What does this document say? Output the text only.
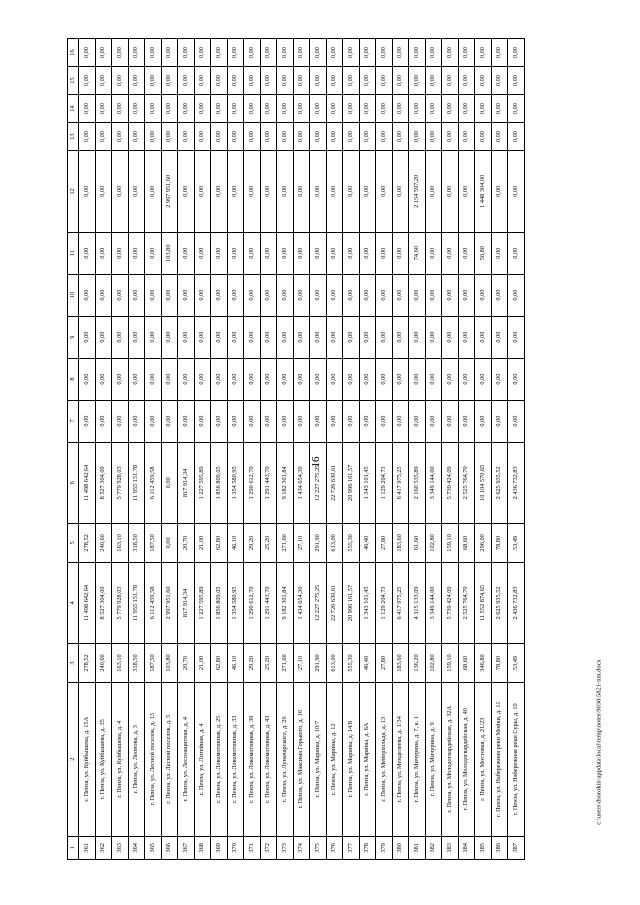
16
1	2	3	4	5	6	7	8	9	10	11	12	13	14	15	16
361	г. Пенза, ул. Куйбышева, д. 15А	278,52	11 498 642,64	278,52	11 498 642,64	0,00	0,00	0,00	0,00	0,00	0,00	0,00	0,00	0,00	0,00
362	г. Пенза, ул. Куйбышева, д. 35	240,60	8 527 304,00	240,60	8 527 304,00	0,00	0,00	0,00	0,00	0,00	0,00	0,00	0,00	0,00	0,00
363	г. Пенза, ул. Куйбышева, д. 4	163,10	5 779 928,03	163,10	5 779 928,03	0,00	0,00	0,00	0,00	0,00	0,00	0,00	0,00	0,00	0,00
364	г. Пенза, ул. Леонова, д. 3	318,50	11 955 151,78	318,50	11 955 151,78	0,00	0,00	0,00	0,00	0,00	0,00	0,00	0,00	0,00	0,00
365	г. Пенза, ул. Лесной поселок, д. 13	187,50	6 112 459,58	187,50	6 112 459,58	0,00	0,00	0,00	0,00	0,00	0,00	0,00	0,00	0,00	0,00
366	г. Пенза, ул. Лесной поселок, д. 5	103,80	2 997 951,60	0,00	0,00	0,00	0,00	0,00	0,00	103,80	2 997 951,60	0,00	0,00	0,00	0,00
367	г. Пенза, ул. Лесозащитная, д. 4	20,70	817 914,34	20,70	817 914,34	0,00	0,00	0,00	0,00	0,00	0,00	0,00	0,00	0,00	0,00
368	г. Пенза, ул. Литейная, д. 4	21,00	1 227 595,89	21,00	1 227 595,89	0,00	0,00	0,00	0,00	0,00	0,00	0,00	0,00	0,00	0,00
369	г. Пенза, ул. Локомотивная, д. 25	62,80	1 856 809,05	62,80	1 856 809,05	0,00	0,00	0,00	0,00	0,00	0,00	0,00	0,00	0,00	0,00
370	г. Пенза, ул. Локомотивная, д. 33	46,10	1 354 580,95	46,10	1 354 580,95	0,00	0,00	0,00	0,00	0,00	0,00	0,00	0,00	0,00	0,00
371	г. Пенза, ул. Локомотивная, д. 39	29,20	1 290 612,70	29,20	1 290 612,70	0,00	0,00	0,00	0,00	0,00	0,00	0,00	0,00	0,00	0,00
372	г. Пенза, ул. Локомотивная, д. 43	25,20	1 291 443,70	25,20	1 291 443,70	0,00	0,00	0,00	0,00	0,00	0,00	0,00	0,00	0,00	0,00
373	г. Пенза, ул. Луначарского, д. 26	271,60	9 182 301,84	271,60	9 182 301,84	0,00	0,00	0,00	0,00	0,00	0,00	0,00	0,00	0,00	0,00
374	г. Пенза, ул. Максима Горького, д. 16	27,10	1 434 654,30	27,10	1 434 654,30	0,00	0,00	0,00	0,00	0,00	0,00	0,00	0,00	0,00	0,00
375	г. Пенза, ул. Марины, д. 10/7	291,90	12 227 275,25	291,90	12 227 275,25	0,00	0,00	0,00	0,00	0,00	0,00	0,00	0,00	0,00	0,00
376	г. Пенза, ул. Марины, д. 12	613,00	22 726 630,61	613,00	22 726 630,61	0,00	0,00	0,00	0,00	0,00	0,00	0,00	0,00	0,00	0,00
377	г. Пенза, ул. Марины, д. 14/8	555,30	20 996 161,57	555,30	20 996 161,57	0,00	0,00	0,00	0,00	0,00	0,00	0,00	0,00	0,00	0,00
378	г. Пенза, ул. Марины, д. 6А	46,40	1 343 101,45	46,40	1 343 101,45	0,00	0,00	0,00	0,00	0,00	0,00	0,00	0,00	0,00	0,00
379	г. Пенза, ул. Мейерхольда, д. 13	27,80	1 129 204,73	27,80	1 129 204,73	0,00	0,00	0,00	0,00	0,00	0,00	0,00	0,00	0,00	0,00
380	г. Пенза, ул. Менделеева, д. 1/34	183,60	6 417 975,25	183,60	6 417 975,25	0,00	0,00	0,00	0,00	0,00	0,00	0,00	0,00	0,00	0,00
381	г. Пенза, ул. Мичурина, д. 7, к. 1	136,20	4 315 133,09	61,60	2 160 535,89	0,00	0,00	0,00	0,00	74,60	2 154 597,20	0,00	0,00	0,00	0,00
382	г. Пенза, ул. Мичурина, д. 9	102,80	3 349 144,00	102,80	3 349 144,00	0,00	0,00	0,00	0,00	0,00	0,00	0,00	0,00	0,00	0,00
383	г. Пенза, ул. Молодогвардейская, д. 32А	159,10	5 739 424,09	159,10	5 739 424,09	0,00	0,00	0,00	0,00	0,00	0,00	0,00	0,00	0,00	0,00
384	г. Пенза, ул. Молодогвардейская, д. 40	68,60	2 525 764,70	68,60	2 525 764,70	0,00	0,00	0,00	0,00	0,00	0,00	0,00	0,00	0,00	0,00
385	г. Пенза, ул. Мостовая, д. 21/23	346,80	11 552 874,65	296,00	10 104 570,65	0,00	0,00	0,00	0,00	50,80	1 448 304,00	0,00	0,00	0,00	0,00
386	г. Пенза, ул. Набережная реки Мойки, д. 11	78,80	2 625 935,52	78,80	2 625 935,52	0,00	0,00	0,00	0,00	0,00	0,00	0,00	0,00	0,00	0,00
387	г. Пенза, ул. Набережная реки Суры, д. 10	53,49	2 436 732,83	53,49	2 436 732,83	0,00	0,00	0,00	0,00	0,00	0,00	0,00	0,00	0,00	0,00
c:\users\dsorokin\appdata\local\temp\notes\9030\5821-nm.docx
